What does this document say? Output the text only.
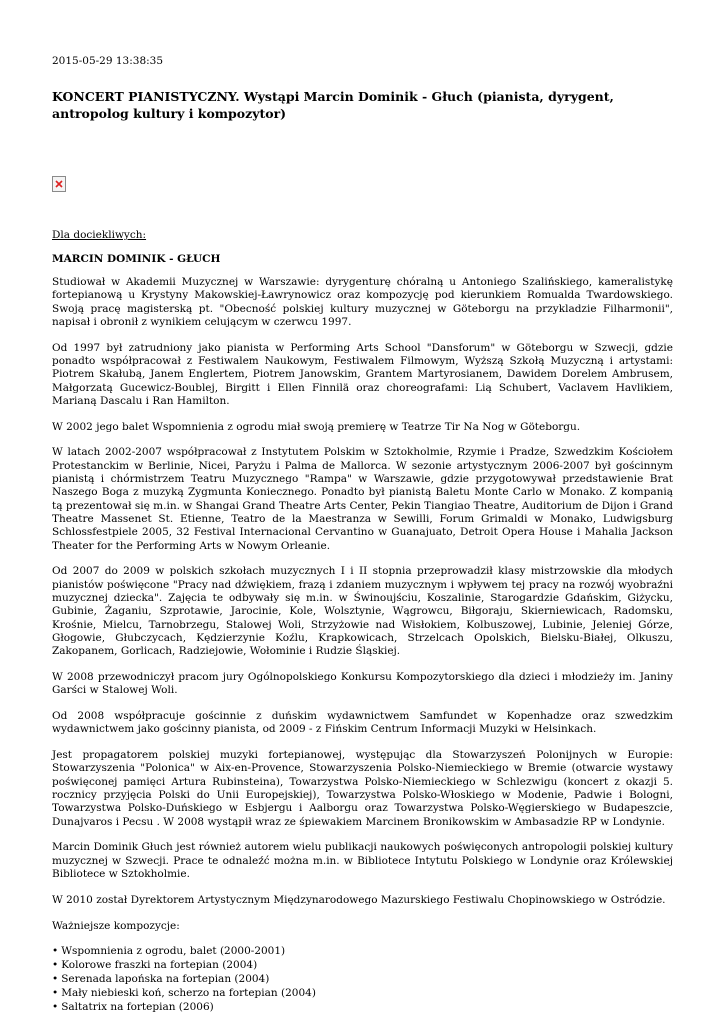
2015-05-29 13:38:35
KONCERT PIANISTYCZNY. Wystąpi Marcin Dominik - Głuch (pianista, dyrygent, antropolog kultury i kompozytor)
Dla dociekliwych:
MARCIN DOMINIK - GŁUCH

Studiował w Akademii Muzycznej w Warszawie: dyrygenturę chóralną u Antoniego Szalińskiego, kameralistykę fortepianową u Krystyny Makowskiej-Ławrynowicz oraz kompozycję pod kierunkiem Romualda Twardowskiego. Swoją pracę magisterską pt. "Obecność polskiej kultury muzycznej w Göteborgu na przykladzie Filharmonii", napisał i obronił z wynikiem celującym w czerwcu 1997.

Od 1997 był zatrudniony jako pianista w Performing Arts School "Dansforum" w Göteborgu w Szwecji, gdzie ponadto współpracował z Festiwalem Naukowym, Festiwalem Filmowym, Wyższą Szkołą Muzyczną i artystami: Piotrem Skałubą, Janem Englertem, Piotrem Janowskim, Grantem Martyrosianem, Dawidem Dorelem Ambrusem, Małgorzatą Gucewicz-Boublej, Birgitt i Ellen Finnilä oraz choreografami: Lią Schubert, Vaclavem Havlikiem, Marianą Dascalu i Ran Hamilton.

W 2002 jego balet Wspomnienia z ogrodu miał swoją premierę w Teatrze Tir Na Nog w Göteborgu.

W latach 2002-2007 współpracował z Instytutem Polskim w Sztokholmie, Rzymie i Pradze, Szwedzkim Kościołem Protestanckim w Berlinie, Nicei, Paryżu i Palma de Mallorca. W sezonie artystycznym 2006-2007 był gościnnym pianistą i chórmistrzem Teatru Muzycznego "Rampa" w Warszawie, gdzie przygotowywał przedstawienie Brat Naszego Boga z muzyką Zygmunta Koniecznego. Ponadto był pianistą Baletu Monte Carlo w Monako. Z kompanią tą prezentował się m.in. w Shangai Grand Theatre Arts Center, Pekin Tiangiao Theatre, Auditorium de Dijon i Grand Theatre Massenet St. Etienne, Teatro de la Maestranza w Sewilli, Forum Grimaldi w Monako, Ludwigsburg Schlossfestpiele 2005, 32 Festival Internacional Cervantino w Guanajuato, Detroit Opera House i Mahalia Jackson Theater for the Performing Arts w Nowym Orleanie.

Od 2007 do 2009 w polskich szkołach muzycznych I i II stopnia przeprowadził klasy mistrzowskie dla młodych pianistów poświęcone "Pracy nad dźwiękiem, frazą i zdaniem muzycznym i wpływem tej pracy na rozwój wyobraźni muzycznej dziecka". Zajęcia te odbywały się m.in. w Świnoujściu, Koszalinie, Starogardzie Gdańskim, Giżycku, Gubinie, Żaganiu, Szprotawie, Jarocinie, Kole, Wolsztynie, Wągrowcu, Biłgoraju, Skierniewicach, Radomsku, Krośnie, Mielcu, Tarnobrzegu, Stalowej Woli, Strzyżowie nad Wisłokiem, Kolbuszowej, Lubinie, Jeleniej Górze, Głogowie, Głubczycach, Kędzierzynie Koźlu, Krapkowicach, Strzelcach Opolskich, Bielsku-Białej, Olkuszu, Zakopanem, Gorlicach, Radziejowie, Wołominie i Rudzie Śląskiej.

W 2008 przewodniczył pracom jury Ogólnopolskiego Konkursu Kompozytorskiego dla dzieci i młodzieży im. Janiny Garści w Stalowej Woli.

Od 2008 współpracuje gościnnie z duńskim wydawnictwem Samfundet w Kopenhadze oraz szwedzkim wydawnictwem jako gościnny pianista, od 2009 - z Fińskim Centrum Informacji Muzyki w Helsinkach.

Jest propagatorem polskiej muzyki fortepianowej, występując dla Stowarzyszeń Polonijnych w Europie: Stowarzyszenia "Polonica" w Aix-en-Provence, Stowarzyszenia Polsko-Niemieckiego w Bremie (otwarcie wystawy poświęconej pamięci Artura Rubinsteina), Towarzystwa Polsko-Niemieckiego w Schlezwigu (koncert z okazji 5. rocznicy przyjęcia Polski do Unii Europejskiej), Towarzystwa Polsko-Włoskiego w Modenie, Padwie i Bologni, Towarzystwa Polsko-Duńskiego w Esbjergu i Aalborgu oraz Towarzystwa Polsko-Węgierskiego w Budapeszcie, Dunajvaros i Pecsu . W 2008 wystąpił wraz ze śpiewakiem Marcinem Bronikowskim w Ambasadzie RP w Londynie.

Marcin Dominik Głuch jest również autorem wielu publikacji naukowych poświęconych antropologii polskiej kultury muzycznej w Szwecji. Prace te odnaleźć można m.in. w Bibliotece Intytutu Polskiego w Londynie oraz Królewskiej Bibliotece w Sztokholmie.

W 2010 został Dyrektorem Artystycznym Międzynarodowego Mazurskiego Festiwalu Chopinowskiego w Ostródzie.

Ważniejsze kompozycje:

• Wspomnienia z ogrodu, balet (2000-2001)
• Kolorowe fraszki na fortepian (2004)
• Serenada lapońska na fortepian (2004)
• Mały niebieski koń, scherzo na fortepian (2004)
• Saltatrix na fortepian (2006)
